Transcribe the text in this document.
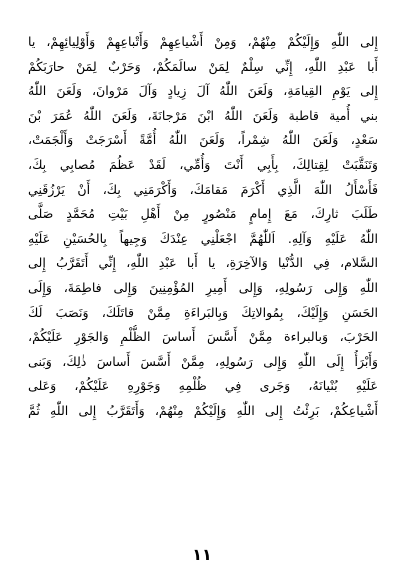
إِلى اللّٰهِ وَإِلَيْكُمْ مِنْهُمْ، وَمِنْ أَشْياعِهِمْ وَأَتْباعِهِمْ وَأَوْلِيائِهِمْ، يا
أَبا عَبْدِ اللّٰهِ، إِنِّي سِلْمٌ لِمَنْ سالَمَكُمْ، وَحَرْبٌ لِمَنْ حارَبَكُمْ
إِلى يَوْمِ القِيامَةِ، وَلَعَنَ اللّٰهُ آلَ زِيادٍ وَآلَ مَرْوانَ، وَلَعَنَ اللّٰهُ
بني أُمية قاطبة وَلَعَنَ اللّٰهُ ابْنَ مَرْجانَةَ، وَلَعَنَ اللّٰهُ عُمَرَ بْنَ
سَعْدٍ، وَلَعَنَ اللّٰهُ شِمْراً، وَلَعَنَ اللّٰهُ أُمَّةً أَسْرَجَتْ وَأَلْجَمَتْ،
وَتَنَقَّبَتْ لِقِتالِكَ، بِأَبِي أَنْتَ وَأُمِّي، لَقَدْ عَظُمَ مُصابِي بِكَ،
فَأَسْأَلُ اللّٰهَ الَّذِي أَكْرَمَ مَقامَكَ، وَأَكْرَمَنِي بِكَ، أَنْ يَرْزُقَنِي
طَلَبَ ثارِكَ، مَعَ إِمامٍ مَنْصُورٍ مِنْ أَهْلِ بَيْتِ مُحَمَّدٍ صَلَّى
اللّٰهُ عَلَيْهِ وَآلِهِ. اَللّٰهُمَّ اجْعَلْنِي عِنْدَكَ وَجِيهاً بِالحُسَيْنِ عَلَيْهِ
السَّلام، فِي الدُّنْيا وَالآخِرَةِ، يا أَبا عَبْدِ اللّٰهِ، إِنِّي أَتَقَرَّبُ إِلى
اللّٰهِ وَإِلى رَسُولِهِ، وَإِلى أَمِيرِ المُؤْمِنِينَ وَإِلى فاطِمَةَ، وَإِلَى
الحَسَنِ وَإِلَيْكَ، بِمُوالاتِكَ وَبِالبَراءَةِ مِمَّنْ قاتَلَكَ، وَنَصَبَ لَكَ
الحَرْبَ، وَبالبراءة مِمَّنْ أَسَّسَ أَساسَ الظُّلْمِ وَالجَوْرِ عَلَيْكُمْ،
وَأَبْرَأُ إِلَى اللّٰهِ وَإِلى رَسُولِهِ، مِمَّنْ أَسَّسَ أَساسَ ذٰلِكَ، وَبَنى
عَلَيْهِ بُنْيانَهُ، وَجَرى فِي ظُلْمِهِ وَجَوْرِهِ عَلَيْكُمْ، وَعَلى
أَشْياعِكُمْ، بَرِئْتُ إِلى اللّٰهِ وَإِلَيْكُمْ مِنْهُمْ، وَأَتَقَرَّبُ إِلى اللّٰهِ ثُمَّ
١١
